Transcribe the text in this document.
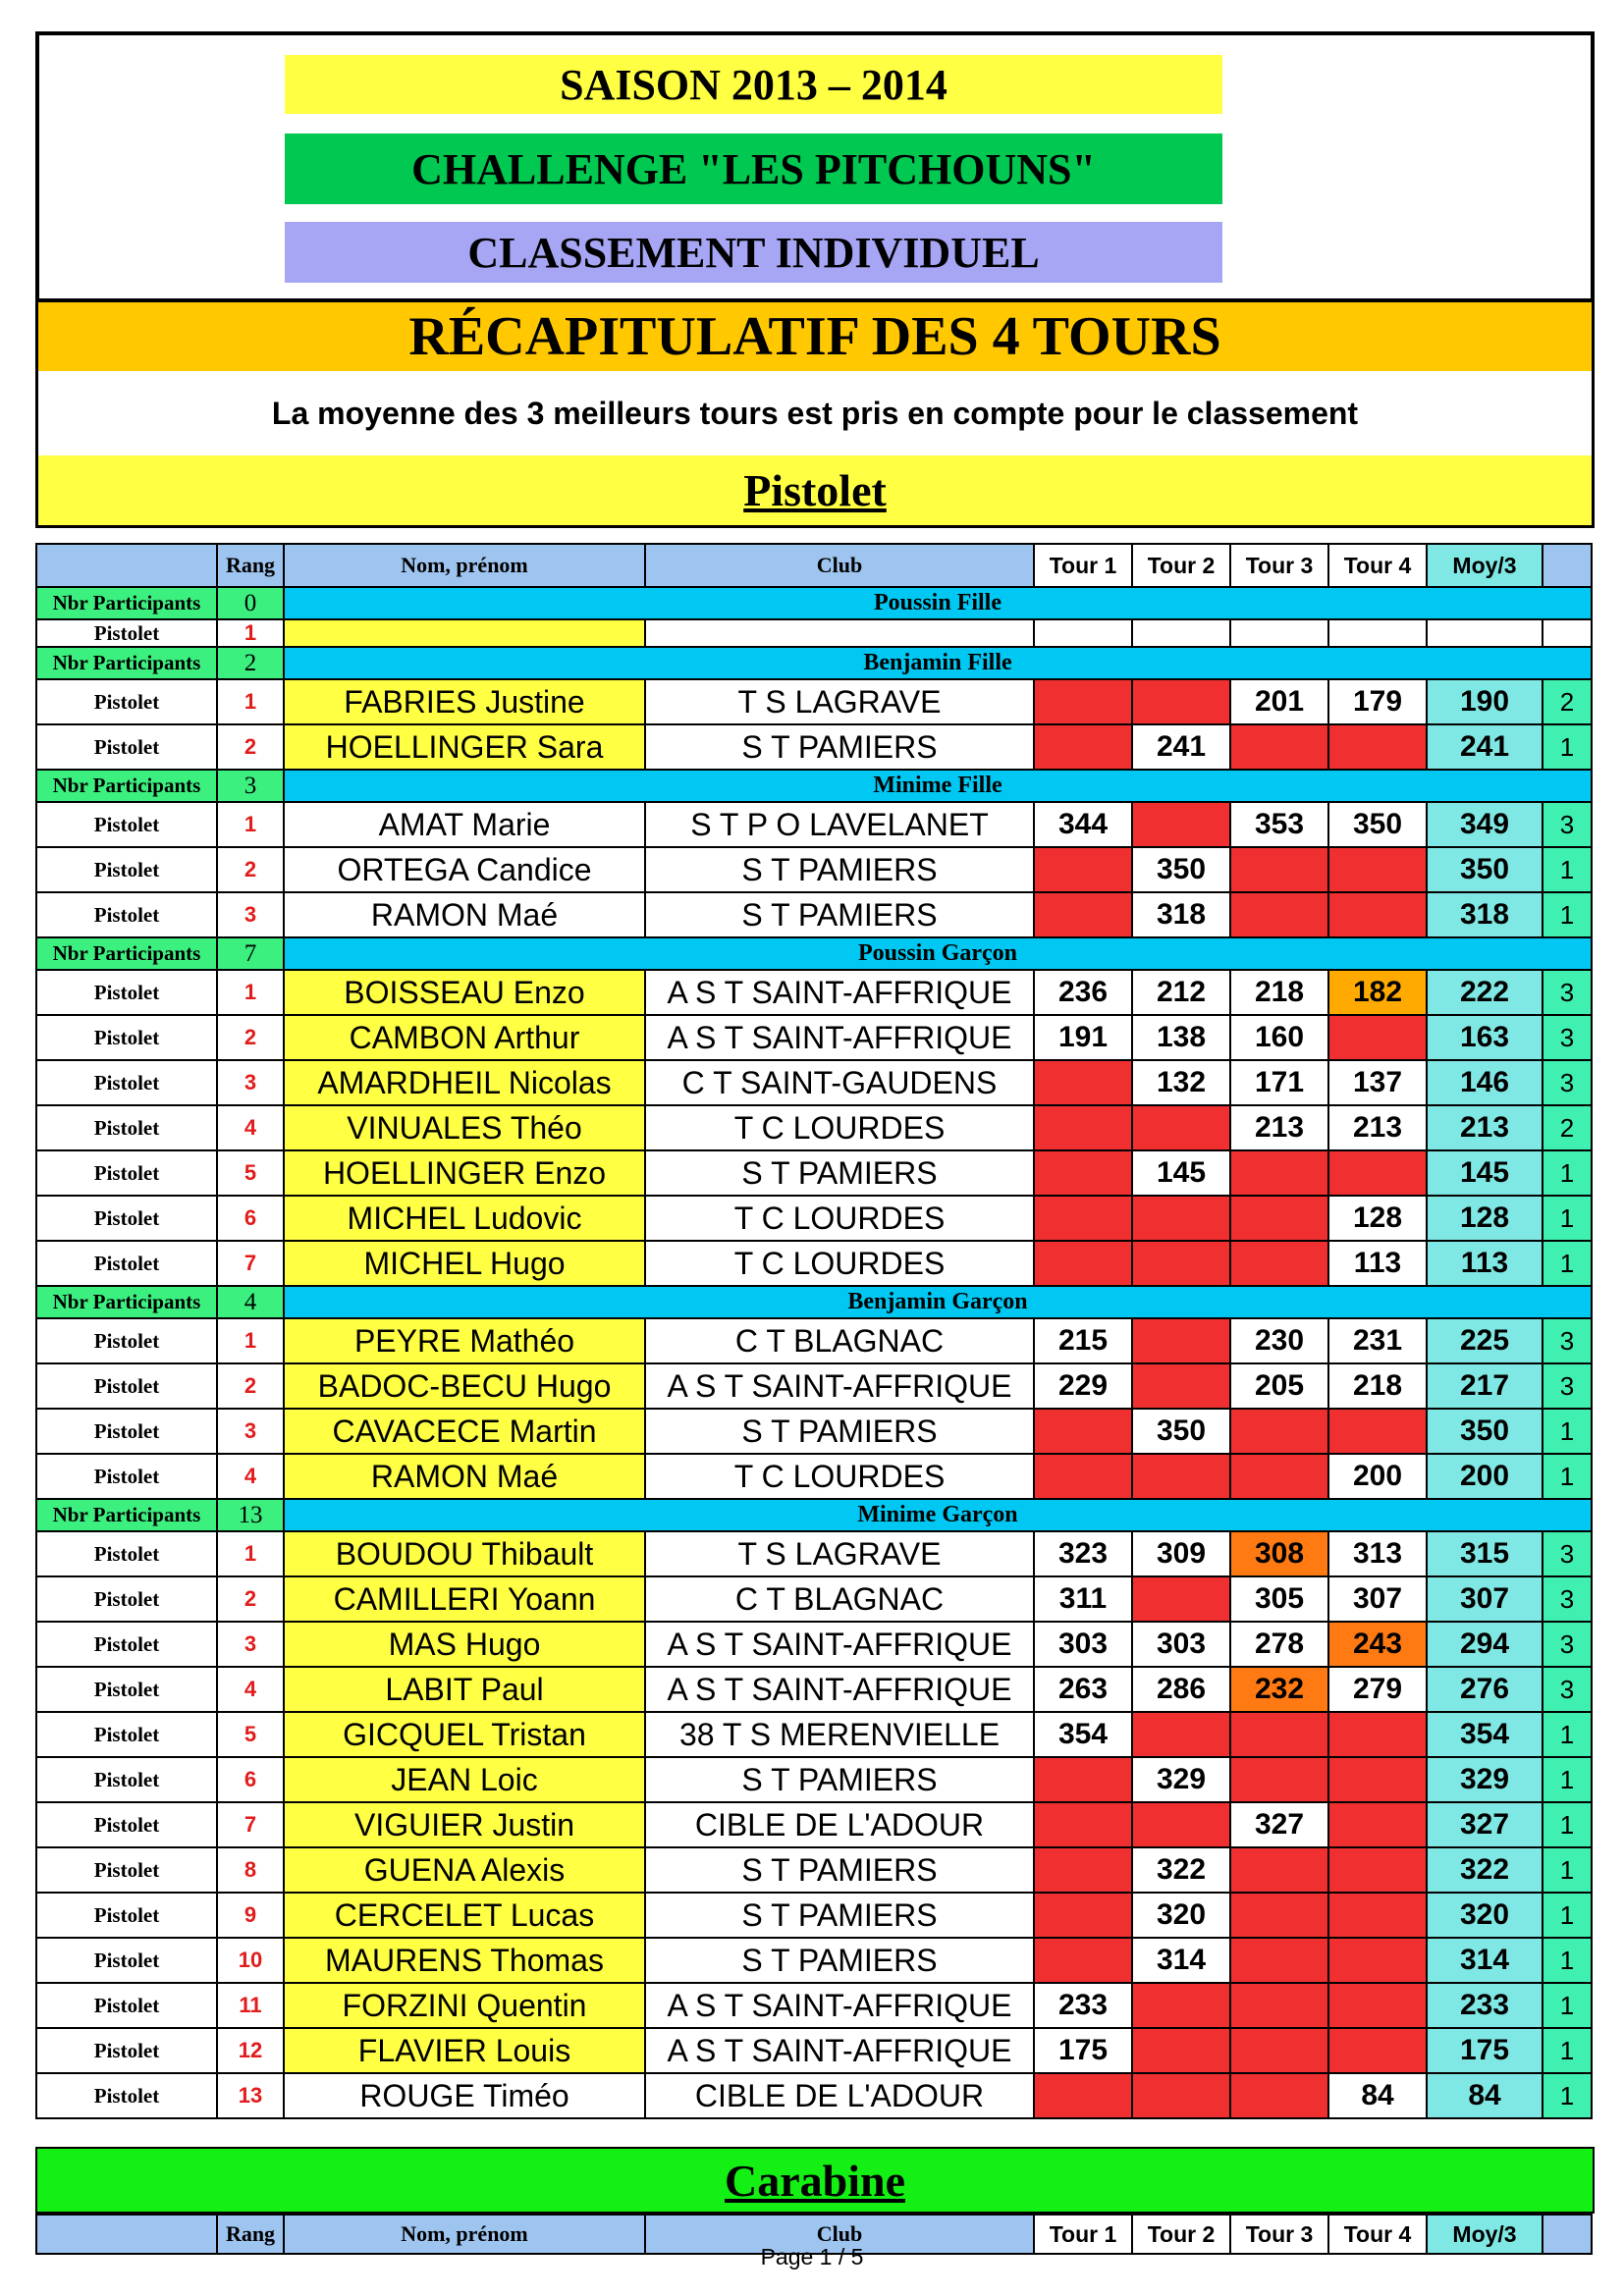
SAISON 2013 – 2014
CHALLENGE "LES PITCHOUNS"
CLASSEMENT INDIVIDUEL
RÉCAPITULATIF DES 4 TOURS
La moyenne des 3 meilleurs tours est pris en compte pour le classement
Pistolet
	Rang	Nom, prénom	Club	Tour 1	Tour 2	Tour 3	Tour 4	Moy/3	
Nbr Participants	0	Poussin Fille							
Pistolet	1								
Nbr Participants	2	Benjamin Fille							
Pistolet	1	FABRIES Justine	T S LAGRAVE			201	179	190	2
Pistolet	2	HOELLINGER Sara	S T PAMIERS		241			241	1
Nbr Participants	3	Minime Fille							
Pistolet	1	AMAT Marie	S T P O LAVELANET	344		353	350	349	3
Pistolet	2	ORTEGA Candice	S T PAMIERS		350			350	1
Pistolet	3	RAMON Maé	S T PAMIERS		318			318	1
Nbr Participants	7	Poussin Garçon							
Pistolet	1	BOISSEAU Enzo	A S T SAINT-AFFRIQUE	236	212	218	182	222	3
Pistolet	2	CAMBON Arthur	A S T SAINT-AFFRIQUE	191	138	160		163	3
Pistolet	3	AMARDHEIL Nicolas	C T SAINT-GAUDENS		132	171	137	146	3
Pistolet	4	VINUALES Théo	T C LOURDES			213	213	213	2
Pistolet	5	HOELLINGER Enzo	S T PAMIERS		145			145	1
Pistolet	6	MICHEL Ludovic	T C LOURDES				128	128	1
Pistolet	7	MICHEL Hugo	T C LOURDES				113	113	1
Nbr Participants	4	Benjamin Garçon							
Pistolet	1	PEYRE Mathéo	C T BLAGNAC	215		230	231	225	3
Pistolet	2	BADOC-BECU Hugo	A S T SAINT-AFFRIQUE	229		205	218	217	3
Pistolet	3	CAVACECE Martin	S T PAMIERS		350			350	1
Pistolet	4	RAMON Maé	T C LOURDES				200	200	1
Nbr Participants	13	Minime Garçon							
Pistolet	1	BOUDOU Thibault	T S LAGRAVE	323	309	308	313	315	3
Pistolet	2	CAMILLERI Yoann	C T BLAGNAC	311		305	307	307	3
Pistolet	3	MAS Hugo	A S T SAINT-AFFRIQUE	303	303	278	243	294	3
Pistolet	4	LABIT Paul	A S T SAINT-AFFRIQUE	263	286	232	279	276	3
Pistolet	5	GICQUEL Tristan	38 T S MERENVIELLE	354				354	1
Pistolet	6	JEAN Loic	S T PAMIERS		329			329	1
Pistolet	7	VIGUIER Justin	CIBLE DE L'ADOUR			327		327	1
Pistolet	8	GUENA Alexis	S T PAMIERS		322			322	1
Pistolet	9	CERCELET Lucas	S T PAMIERS		320			320	1
Pistolet	10	MAURENS Thomas	S T PAMIERS		314			314	1
Pistolet	11	FORZINI Quentin	A S T SAINT-AFFRIQUE	233				233	1
Pistolet	12	FLAVIER Louis	A S T SAINT-AFFRIQUE	175				175	1
Pistolet	13	ROUGE Timéo	CIBLE DE L'ADOUR				84	84	1
Carabine
	Rang	Nom, prénom	Club	Tour 1	Tour 2	Tour 3	Tour 4	Moy/3	
Page 1 / 5
